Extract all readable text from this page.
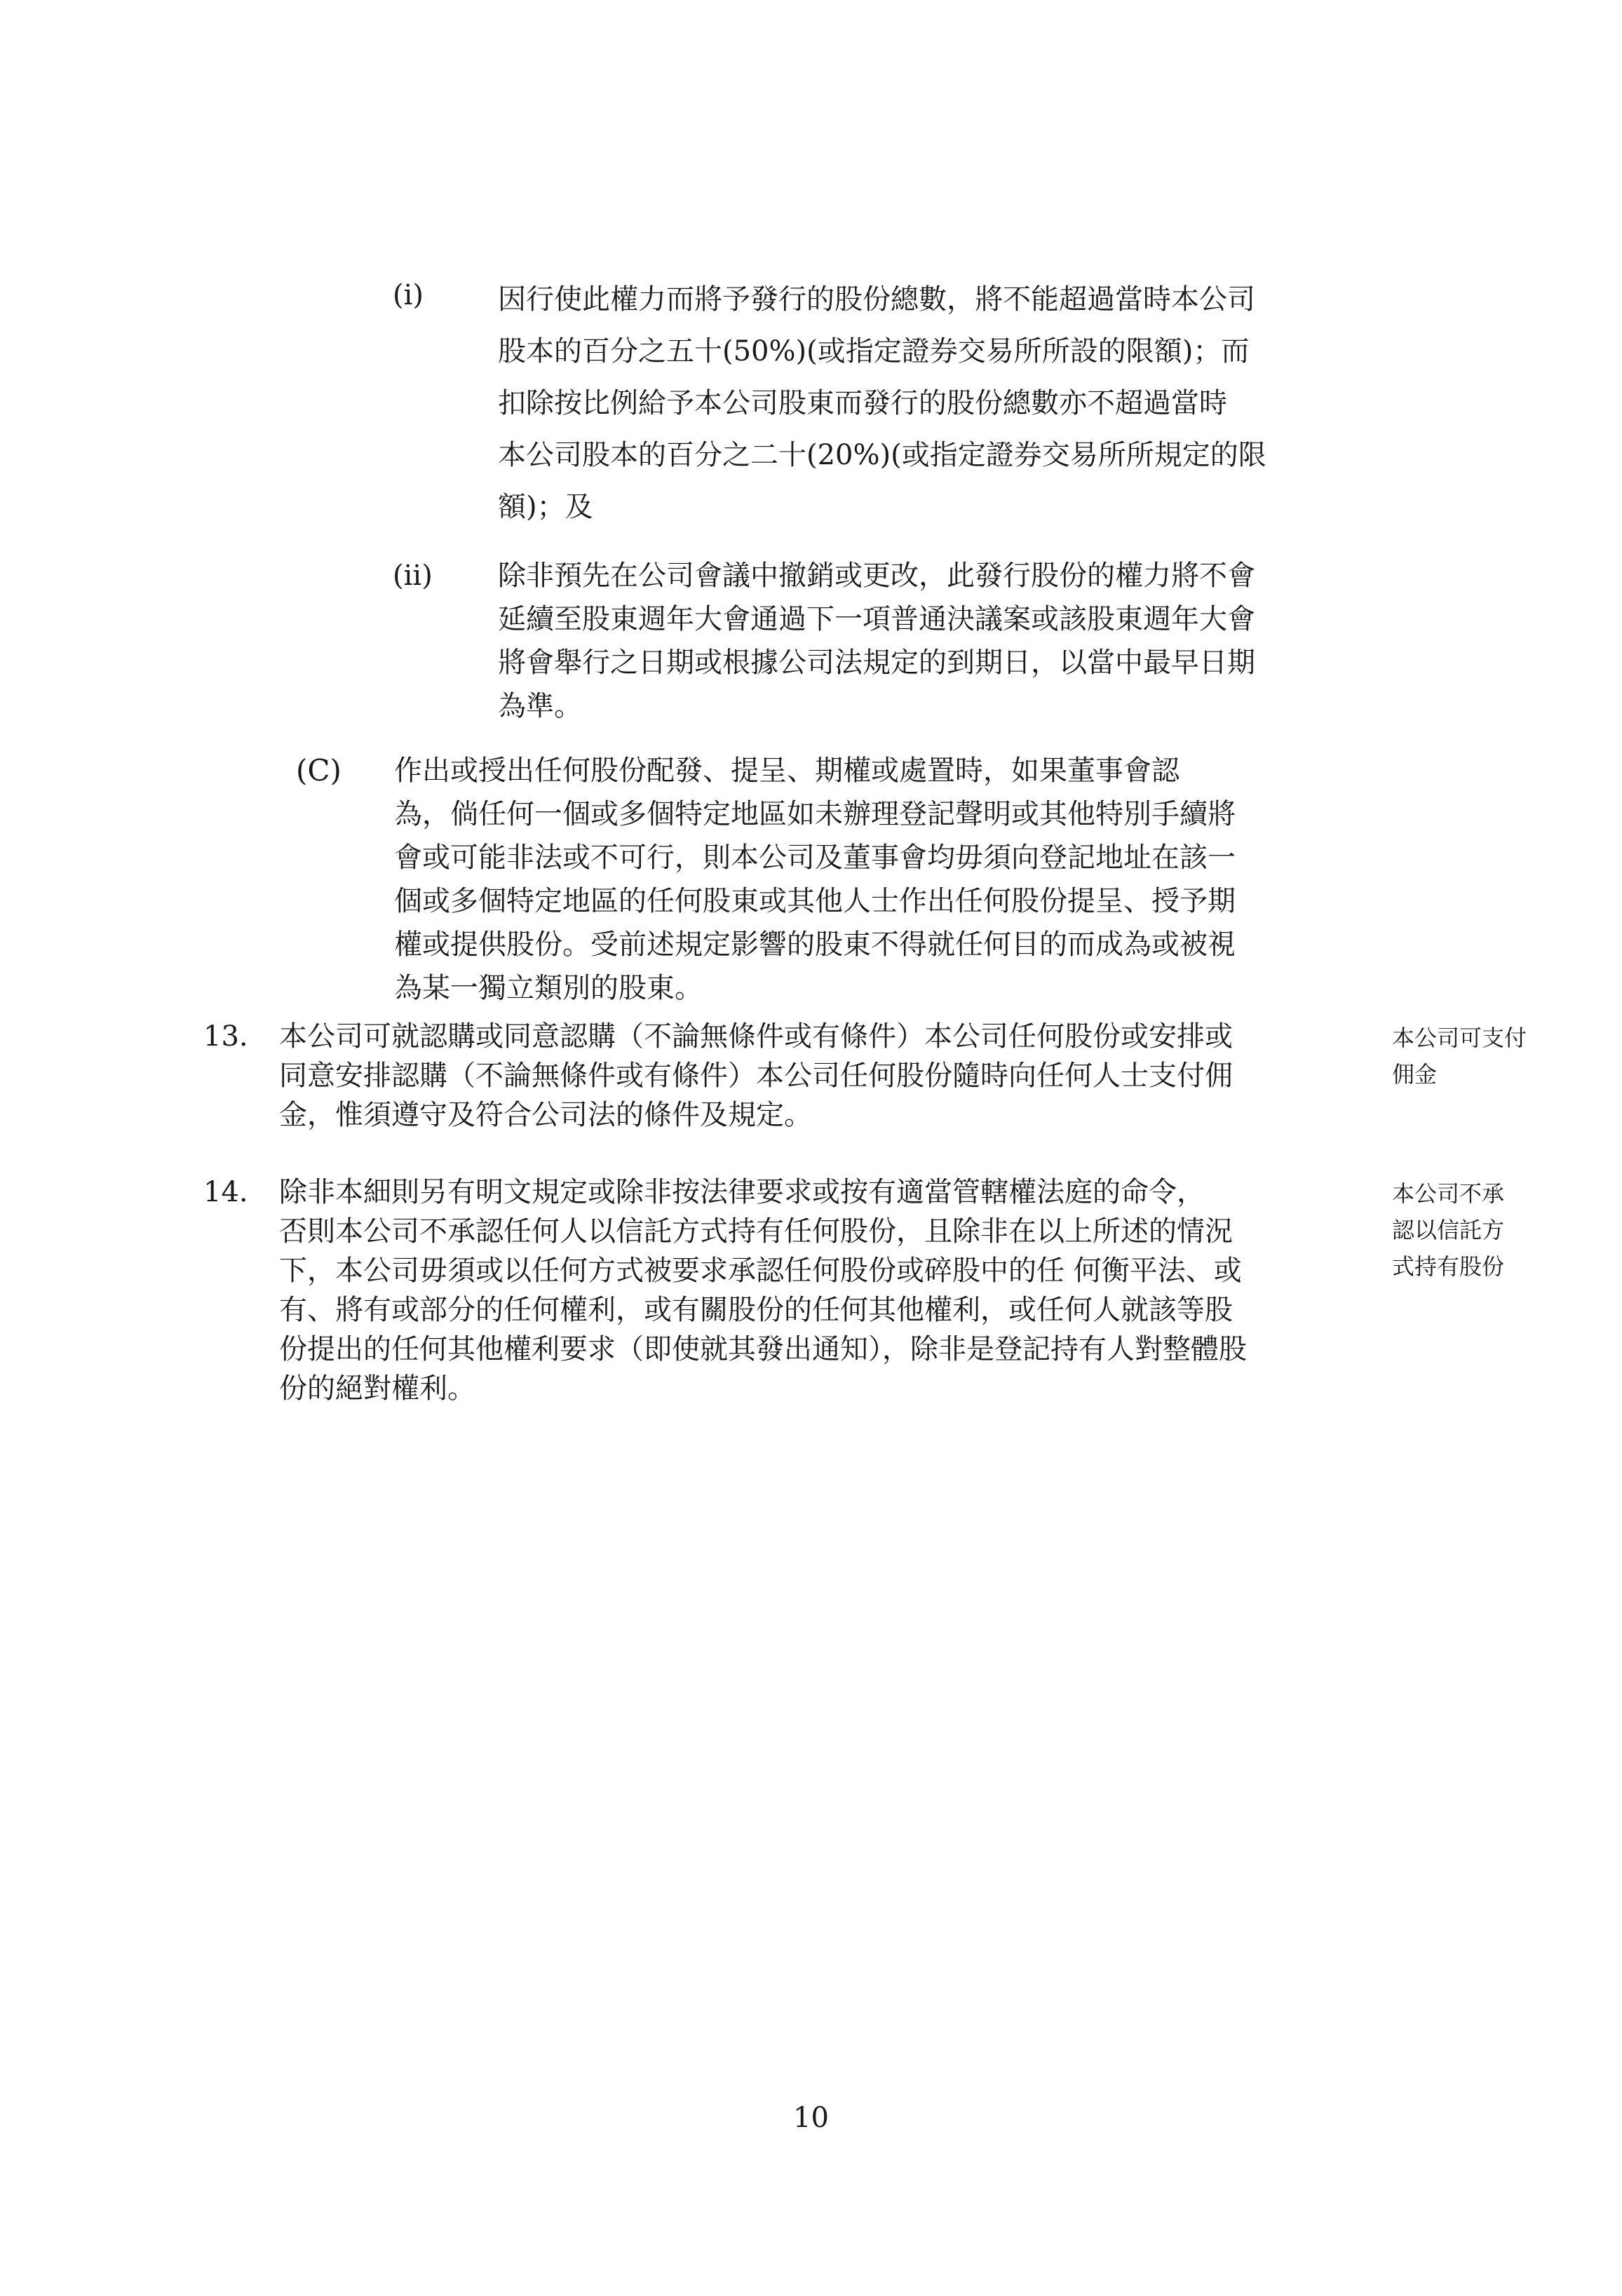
(i)	因行使此權力而將予發行的股份總數，將不能超過當時本公司
股本的百分之五十(50%)(或指定證券交易所所設的限額)；而
扣除按比例給予本公司股東而發行的股份總數亦不超過當時
本公司股本的百分之二十(20%)(或指定證券交易所所規定的限
額)；及
(ii) 除非預先在公司會議中撤銷或更改，此發行股份的權力將不會
延續至股東週年大會通過下一項普通決議案或該股東週年大會
將會舉行之日期或根據公司法規定的到期日，以當中最早日期
為準。
(C) 作出或授出任何股份配發、提呈、期權或處置時，如果董事會認
為，倘任何一個或多個特定地區如未辦理登記聲明或其他特別手續將
會或可能非法或不可行，則本公司及董事會均毋須向登記地址在該一
個或多個特定地區的任何股東或其他人士作出任何股份提呈、授予期
權或提供股份。受前述規定影響的股東不得就任何目的而成為或被視
為某一獨立類別的股東。
13. 本公司可就認購或同意認購（不論無條件或有條件）本公司任何股份或安排或
同意安排認購（不論無條件或有條件）本公司任何股份隨時向任何人士支付佣
金，惟須遵守及符合公司法的條件及規定。
本公司可支付
佣金
14. 除非本細則另有明文規定或除非按法律要求或按有適當管轄權法庭的命令，
否則本公司不承認任何人以信託方式持有任何股份，且除非在以上所述的情況
下，本公司毋須或以任何方式被要求承認任何股份或碎股中的任 何衡平法、或
有、將有或部分的任何權利，或有關股份的任何其他權利，或任何人就該等股
份提出的任何其他權利要求（即使就其發出通知），除非是登記持有人對整體股
份的絕對權利。
本公司不承
認以信託方
式持有股份
10
